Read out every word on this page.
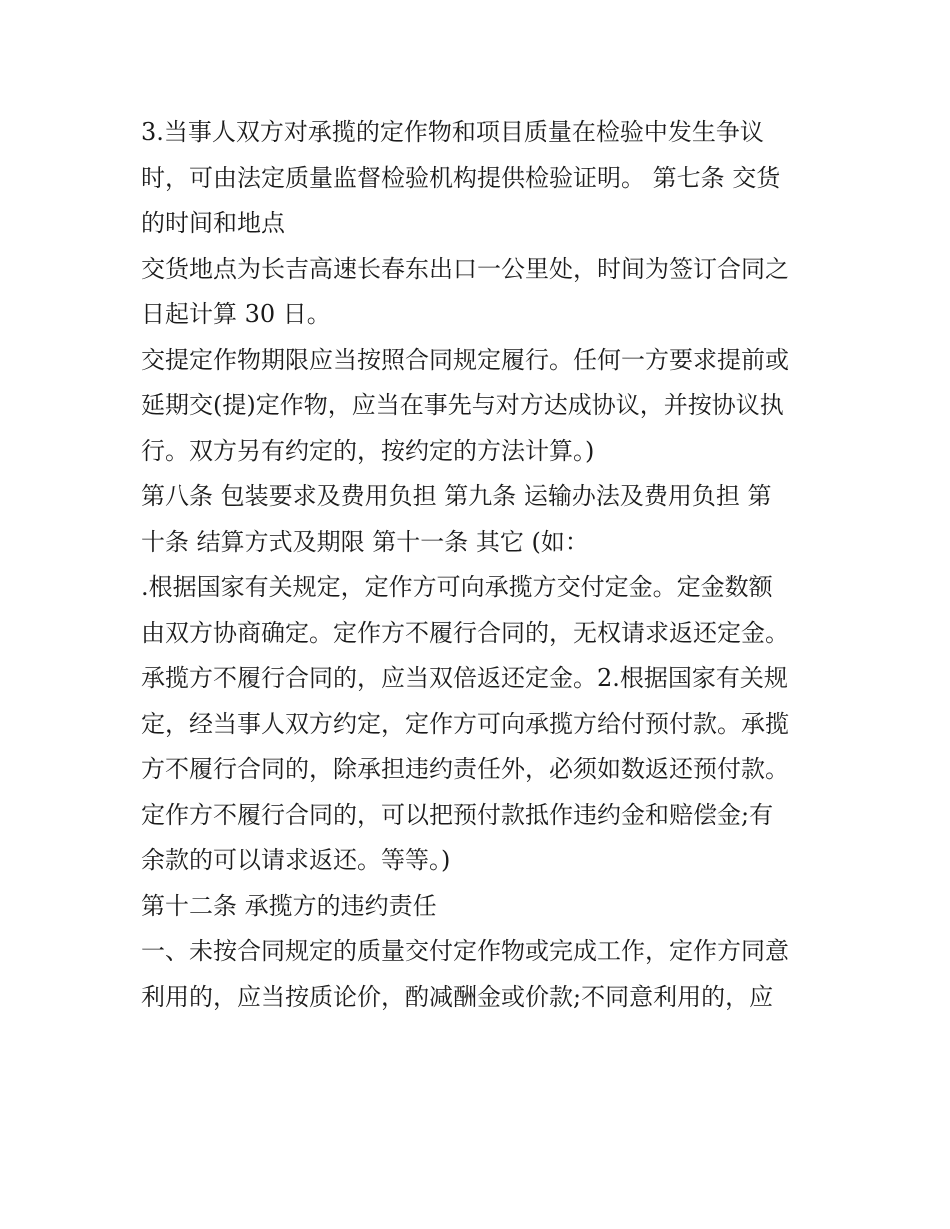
3.当事人双方对承揽的定作物和项目质量在检验中发生争议
时，可由法定质量监督检验机构提供检验证明。 第七条 交货
的时间和地点
交货地点为长吉高速长春东出口一公里处，时间为签订合同之
日起计算 30 日。
交提定作物期限应当按照合同规定履行。任何一方要求提前或
延期交(提)定作物，应当在事先与对方达成协议，并按协议执
行。双方另有约定的，按约定的方法计算。)
第八条 包装要求及费用负担 第九条 运输办法及费用负担 第
十条 结算方式及期限 第十一条 其它 (如：
.根据国家有关规定，定作方可向承揽方交付定金。定金数额
由双方协商确定。定作方不履行合同的，无权请求返还定金。
承揽方不履行合同的，应当双倍返还定金。2.根据国家有关规
定，经当事人双方约定，定作方可向承揽方给付预付款。承揽
方不履行合同的，除承担违约责任外，必须如数返还预付款。
定作方不履行合同的，可以把预付款抵作违约金和赔偿金;有
余款的可以请求返还。等等。)
第十二条 承揽方的违约责任
一、未按合同规定的质量交付定作物或完成工作，定作方同意
利用的，应当按质论价，酌减酬金或价款;不同意利用的，应
